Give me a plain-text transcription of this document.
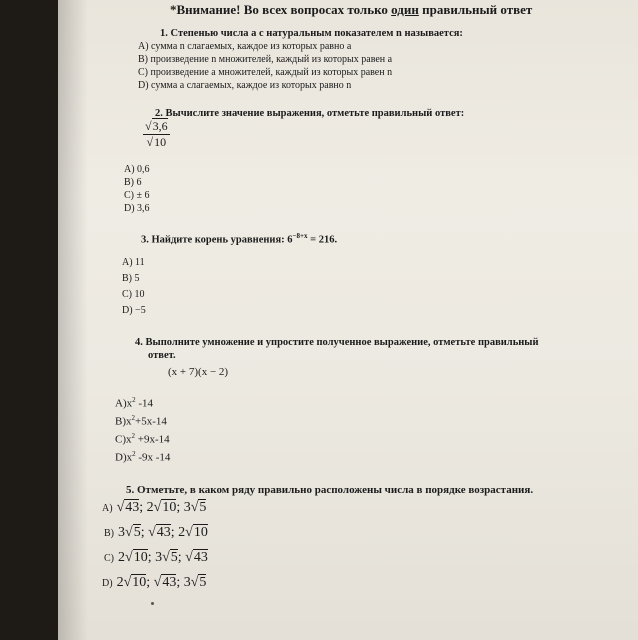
*Внимание! Во всех вопросах только один правильный ответ
1. Степенью числа a с натуральным показателем n называется:
A) сумма n слагаемых, каждое из которых равно a
B) произведение n множителей, каждый из которых равен a
C) произведение a множителей, каждый из которых равен n
D) сумма a слагаемых, каждое из которых равно n
2. Вычислите значение выражения, отметьте правильный ответ:
$\frac{√3,6}{√10}$
A) 0,6
B) 6
C) ± 6
D) 3,6
3. Найдите корень уравнения: $6^{-8+x} = 216$.
A) 11
B) 5
C) 10
D) −5
4. Выполните умножение и упростите полученное выражение, отметьте правильный
ответ.
(x + 7)(x − 2)
$A)x^2$ -14
$B)x^2+5x-14$
$C)x^2 +9x-14$
$D)x^2$ -9x -14
5. Отметьте, в каком ряду правильно расположены числа в порядке возрастания.
A) √43; 2√10; 3√5
B) 3√5; √43; 2√10
C) 2√10; 3√5; √43
D) 2√10; √43; 3√5
